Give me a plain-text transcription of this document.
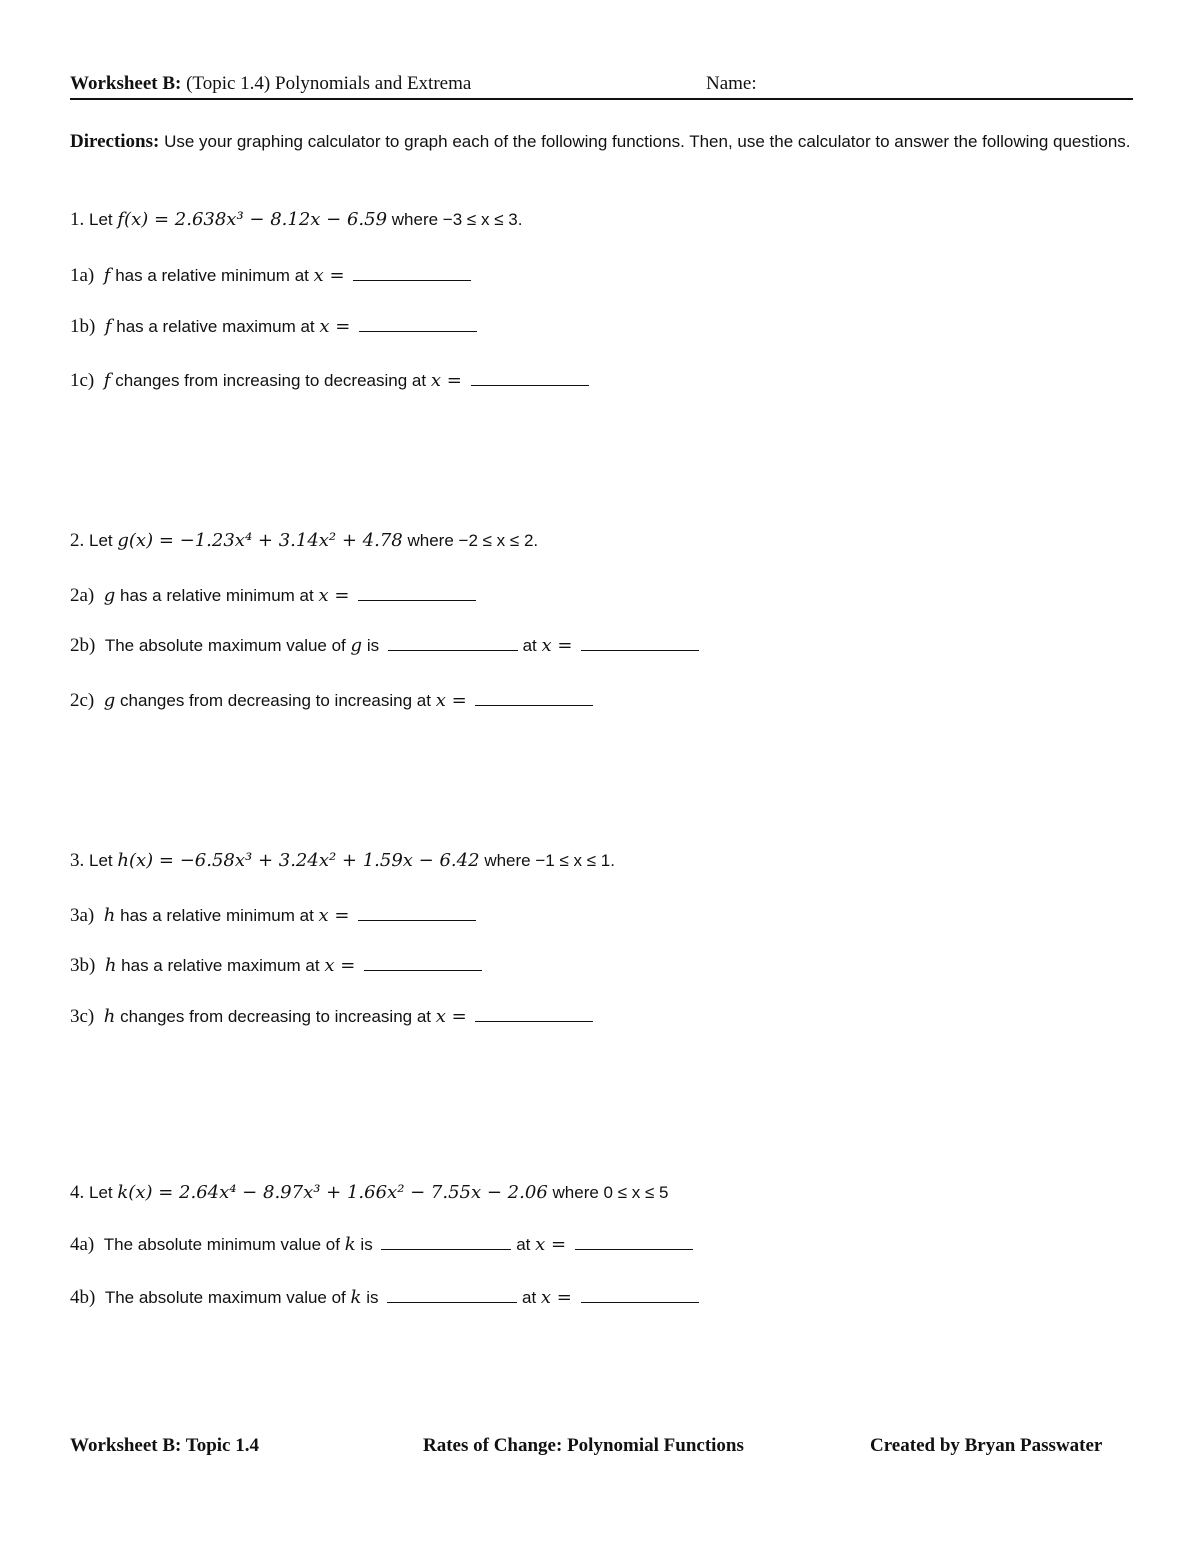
Worksheet B: (Topic 1.4) Polynomials and Extrema	Name:
Directions: Use your graphing calculator to graph each of the following functions. Then, use the calculator to answer the following questions.
1. Let f(x) = 2.638x³ − 8.12x − 6.59 where −3 ≤ x ≤ 3.
1a) f has a relative minimum at x =
1b) f has a relative maximum at x =
1c) f changes from increasing to decreasing at x =
2. Let g(x) = −1.23x⁴ + 3.14x² + 4.78 where −2 ≤ x ≤ 2.
2a) g has a relative minimum at x =
2b) The absolute maximum value of g is	at x =
2c) g changes from decreasing to increasing at x =
3. Let h(x) = −6.58x³ + 3.24x² + 1.59x − 6.42 where −1 ≤ x ≤ 1.
3a) h has a relative minimum at x =
3b) h has a relative maximum at x =
3c) h changes from decreasing to increasing at x =
4. Let k(x) = 2.64x⁴ − 8.97x³ + 1.66x² − 7.55x − 2.06 where 0 ≤ x ≤ 5
4a) The absolute minimum value of k is	at x =
4b) The absolute maximum value of k is	at x =
Worksheet B: Topic 1.4	Rates of Change: Polynomial Functions	Created by Bryan Passwater
